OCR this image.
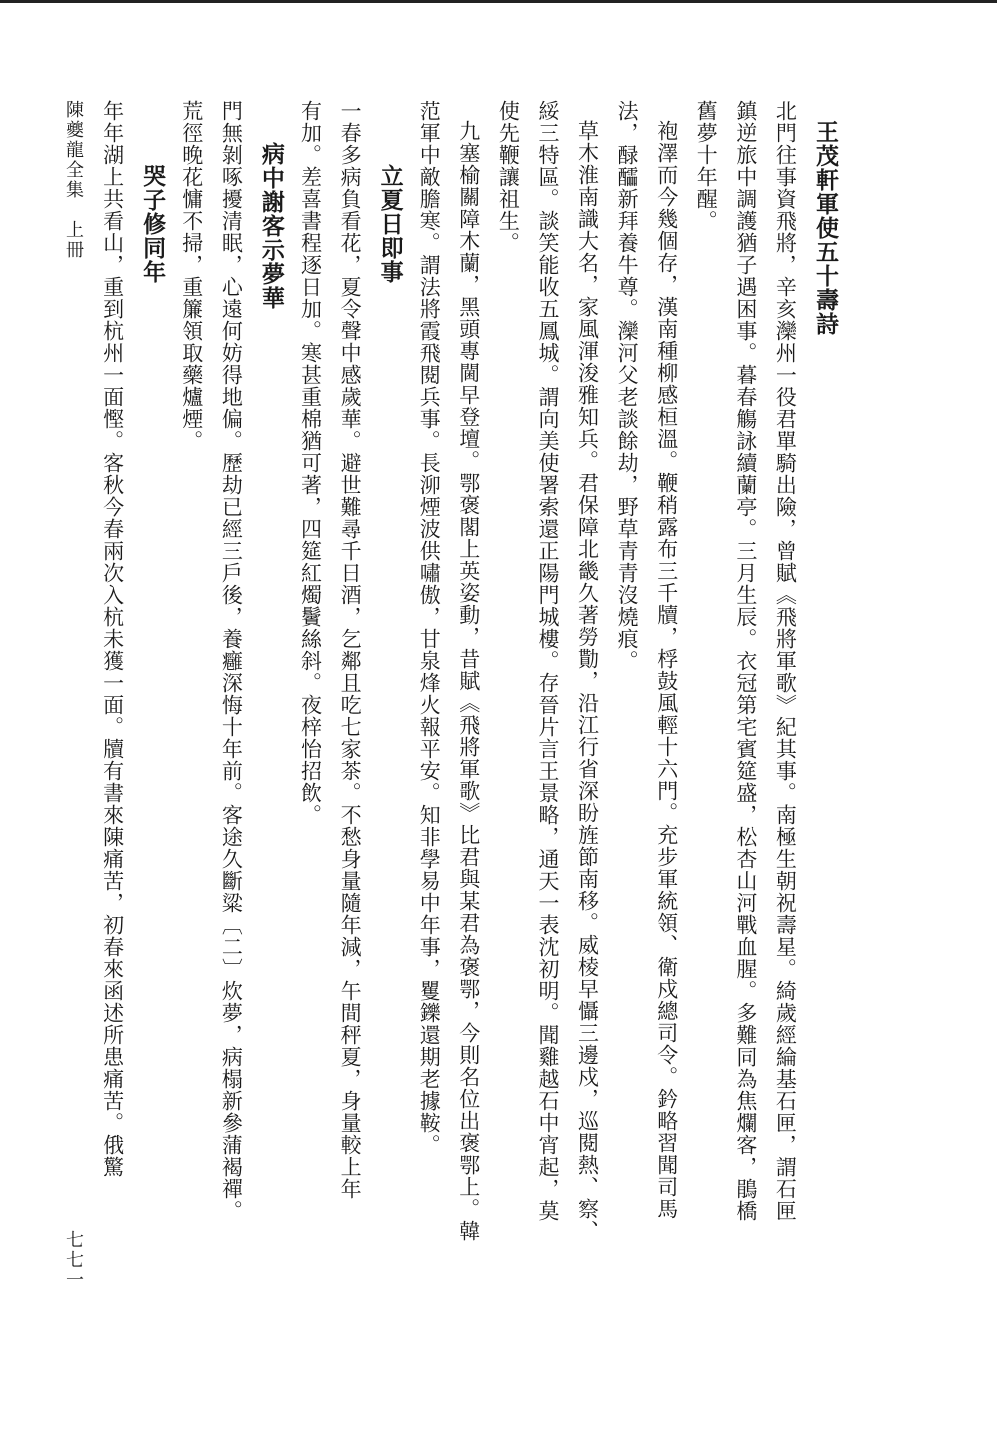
王茂軒軍使五十壽詩
北門往事資飛將，辛亥灤州一役君單騎出險，曾賦《飛將軍歌》紀其事。南極生朝祝壽星。綺歲經綸基石匣，謂石匣
鎮逆旅中調護猶子遇困事。暮春觴詠續蘭亭。三月生辰。衣冠第宅賓筵盛，松杏山河戰血腥。多難同為焦爛客，鵑橋
舊夢十年醒。
袍澤而今幾個存，漢南種柳感桓溫。鞭稍露布三千牘，桴鼓風輕十六門。充步軍統領、衛戍總司令。鈐略習聞司馬
法，醁醽新拜養牛尊。灤河父老談餘劫，野草青青沒燒痕。
草木淮南識大名，家風渾浚雅知兵。君保障北畿久著勞勩，沿江行省深盼旌節南移。威棱早懾三邊戍，巡閱熱、察、
綏三特區。談笑能收五鳳城。謂向美使署索還正陽門城樓。存晉片言王景略，通天一表沈初明。聞雞越石中宵起，莫
使先鞭讓祖生。
九塞榆關障木蘭，黑頭專閫早登壇。鄂褒閣上英姿動，昔賦《飛將軍歌》比君與某君為褒鄂，今則名位出褒鄂上。韓
范軍中敵膽寒。謂法將霞飛閱兵事。長泖煙波供嘯傲，甘泉烽火報平安。知非學易中年事，矍鑠還期老據鞍。
立夏日即事
一春多病負看花，夏令聲中感歲華。避世難尋千日酒，乞鄰且吃七家茶。不愁身量隨年減，午間秤夏，身量較上年
有加。差喜書程逐日加。寒甚重棉猶可著，四筵紅燭鬢絲斜。夜梓怡招飲。
病中謝客示夢華
門無剝啄擾清眠，心遠何妨得地偏。歷劫已經三戶後，養癰深悔十年前。客途久斷粱〔二〕炊夢，病榻新參蒲褐禪。
荒徑晚花慵不掃，重簾領取藥爐煙。
哭子修同年
年年湖上共看山，重到杭州一面慳。客秋今春兩次入杭未獲一面。牘有書來陳痛苦，初春來函述所患痛苦。俄驚
陳夔龍全集　上冊
七七一
